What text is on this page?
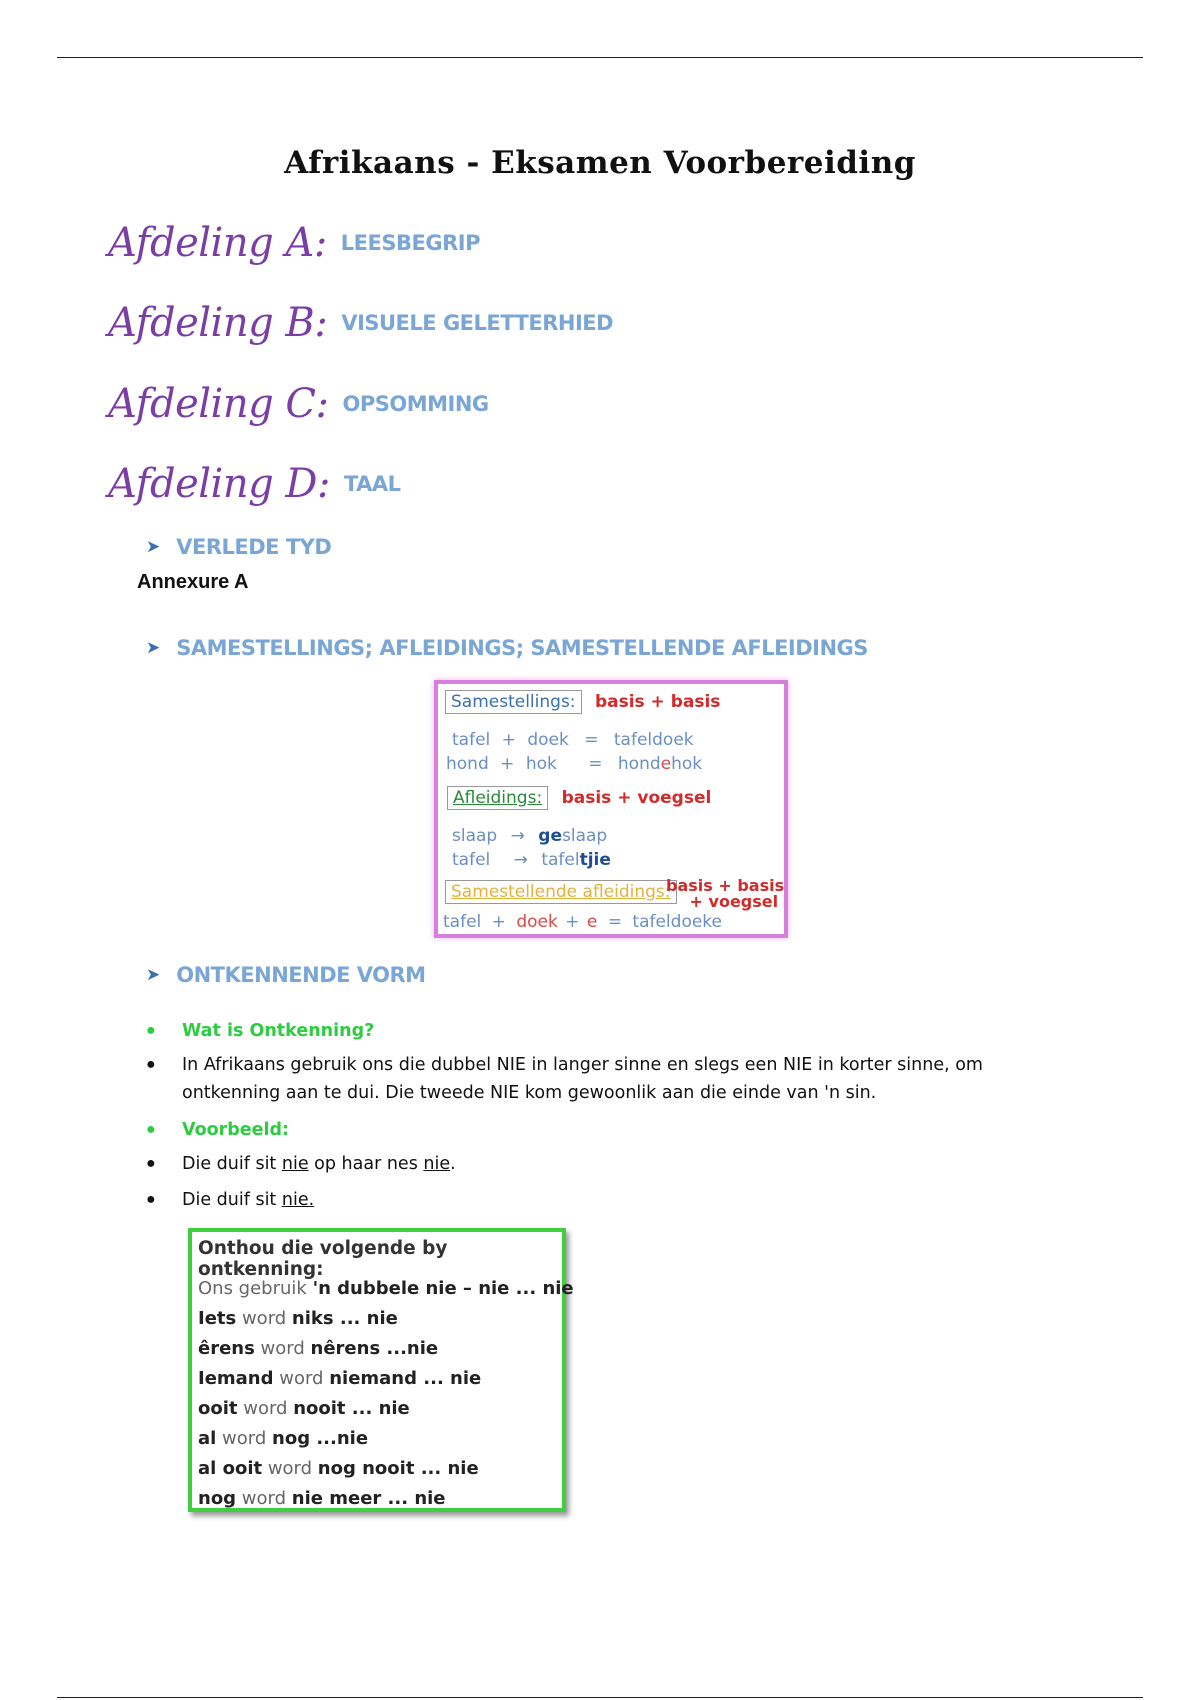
Afrikaans - Eksamen Voorbereiding
Afdeling A: LEESBEGRIP
Afdeling B: VISUELE GELETTERHIED
Afdeling C: OPSOMMING
Afdeling D: TAAL
➤ VERLEDE TYD
Annexure A
➤ SAMESTELLINGS; AFLEIDINGS; SAMESTELLENDE AFLEIDINGS
Samestellings: basis + basis
tafel + doek = tafeldoek
hond + hok = hondehok
Afleidings: basis + voegsel
slaap → geslaap
tafel → tafeltjie
Samestellende afleidings:
basis + basis
+ voegsel
tafel + doek + e = tafeldoeke
➤ ONTKENNENDE VORM
●	Wat is Ontkenning?
●	In Afrikaans gebruik ons die dubbel NIE in langer sinne en slegs een NIE in korter sinne, om
ontkenning aan te dui. Die tweede NIE kom gewoonlik aan die einde van 'n sin.
●	Voorbeeld:
●	Die duif sit nie op haar nes nie.
●	Die duif sit nie.
Onthou die volgende by ontkenning:
Ons gebruik 'n dubbele nie – nie ... nie
Iets word niks ... nie
êrens word nêrens ...nie
Iemand word niemand ... nie
ooit word nooit ... nie
al word nog ...nie
al ooit word nog nooit ... nie
nog word nie meer ... nie
